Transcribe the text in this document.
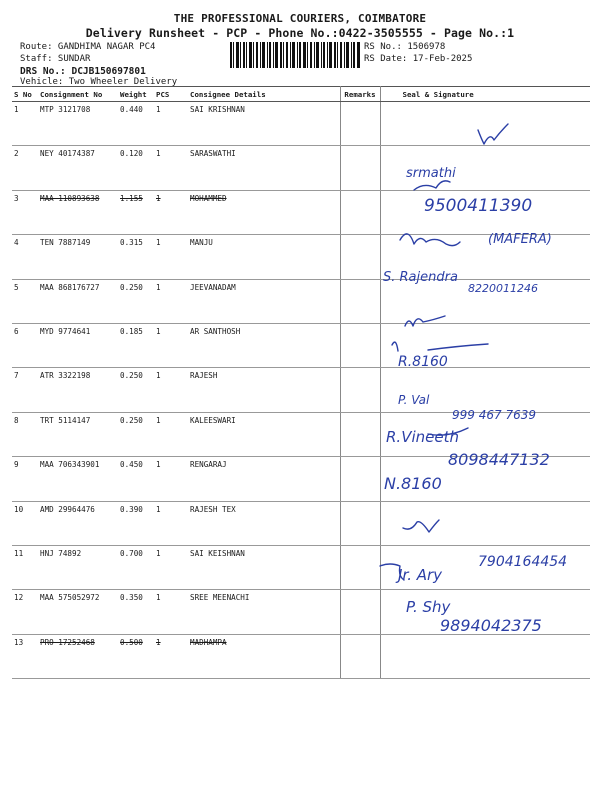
THE PROFESSIONAL COURIERS, COIMBATORE
Delivery Runsheet - PCP - Phone No.:0422-3505555 - Page No.:1
Route: GANDHIMA NAGAR PC4
Staff: SUNDAR
DRS No.: DCJB150697801
Vehicle: Two Wheeler Delivery
RS No.: 1506978
RS Date: 17-Feb-2025
S No	Consignment No	Weight	PCS	Consignee Details	Remarks	Seal & Signature
1	MTP 3121708	0.440	1	SAI KRISHNAN		
2	NEY 40174387	0.120	1	SARASWATHI		
3	MAA 110893638	1.155	1	MOHAMMED		
4	TEN 7887149	0.315	1	MANJU		
5	MAA 868176727	0.250	1	JEEVANADAM		
6	MYD 9774641	0.185	1	AR SANTHOSH		
7	ATR 3322198	0.250	1	RAJESH		
8	TRT 5114147	0.250	1	KALEESWARI		
9	MAA 706343901	0.450	1	RENGARAJ		
10	AMD 29964476	0.390	1	RAJESH TEX		
11	HNJ 74892	0.700	1	SAI KEISHNAN		
12	MAA 575052972	0.350	1	SREE MEENACHI		
13	PRO 17252468	0.500	1	MADHAMPA		
srmathi
9500411390
(MAFERA)
S. Rajendra
8220011246
R.8160
P. Val
999 467 7639
R.Vineeth
8098447132
N.8160
Jr. Ary
7904164454
P. Shy
9894042375
